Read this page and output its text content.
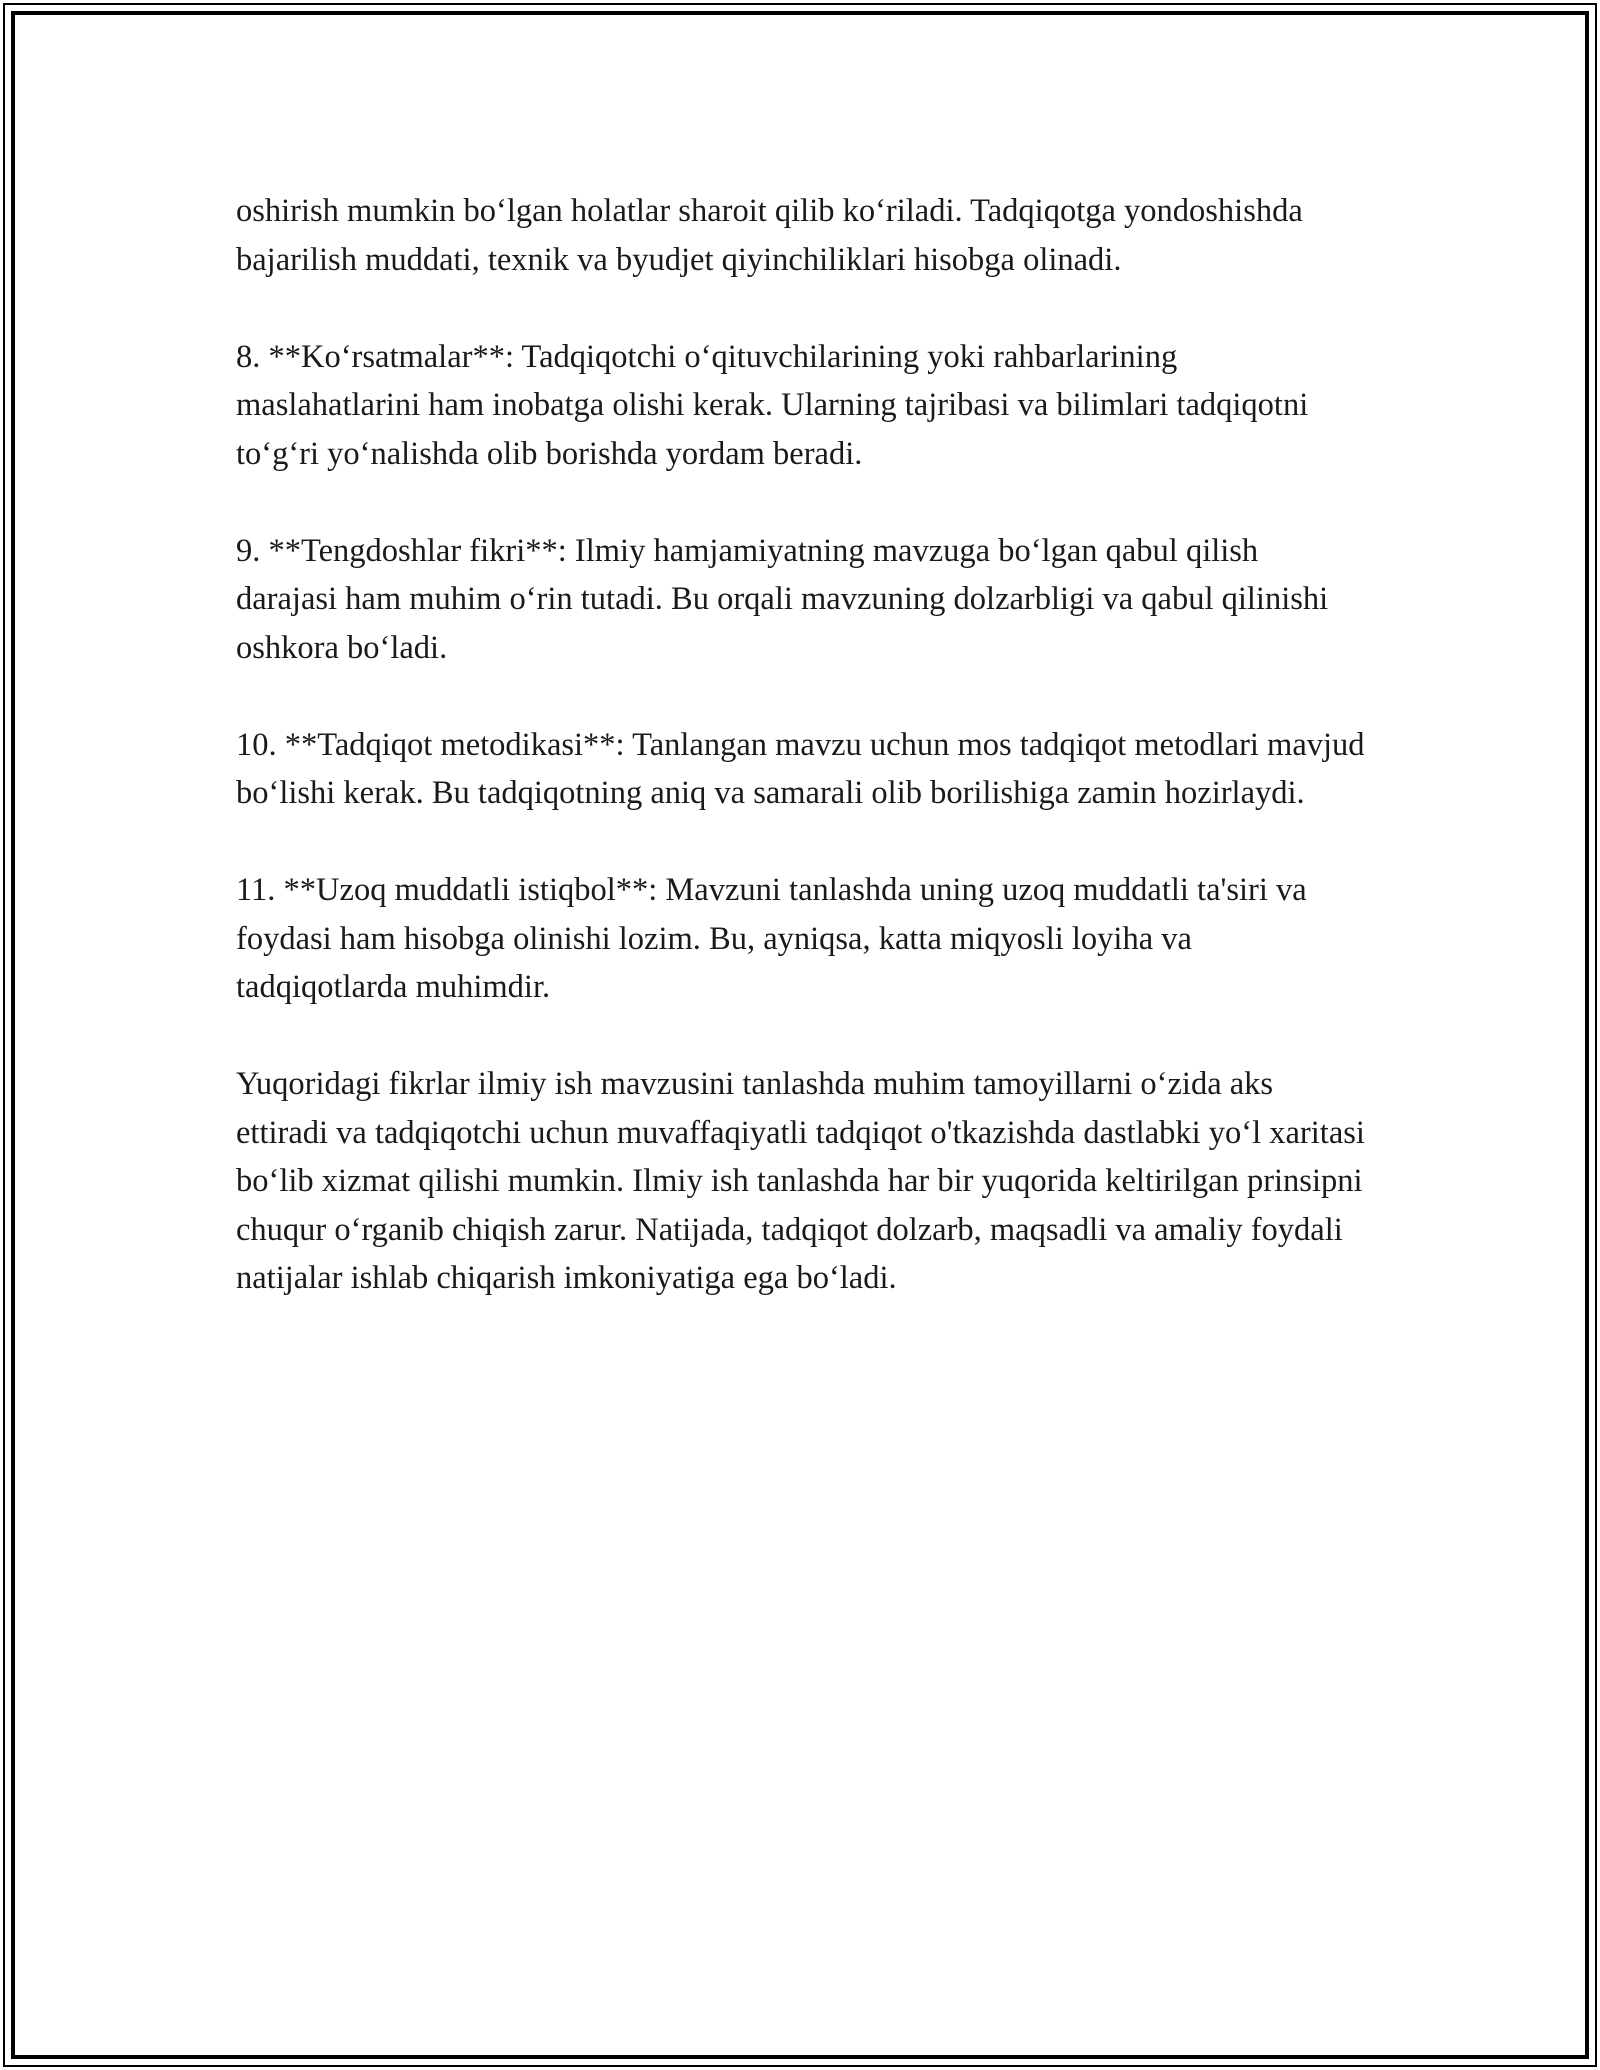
oshirish mumkin bo‘lgan holatlar sharoit qilib ko‘riladi. Tadqiqotga yondoshishda bajarilish muddati, texnik va byudjet qiyinchiliklari hisobga olinadi.

8. **Ko‘rsatmalar**: Tadqiqotchi o‘qituvchilarining yoki rahbarlarining maslahatlarini ham inobatga olishi kerak. Ularning tajribasi va bilimlari tadqiqotni to‘g‘ri yo‘nalishda olib borishda yordam beradi.

9. **Tengdoshlar fikri**: Ilmiy hamjamiyatning mavzuga bo‘lgan qabul qilish darajasi ham muhim o‘rin tutadi. Bu orqali mavzuning dolzarbligi va qabul qilinishi oshkora bo‘ladi.

10. **Tadqiqot metodikasi**: Tanlangan mavzu uchun mos tadqiqot metodlari mavjud bo‘lishi kerak. Bu tadqiqotning aniq va samarali olib borilishiga zamin hozirlaydi.

11. **Uzoq muddatli istiqbol**: Mavzuni tanlashda uning uzoq muddatli ta'siri va foydasi ham hisobga olinishi lozim. Bu, ayniqsa, katta miqyosli loyiha va tadqiqotlarda muhimdir.

Yuqoridagi fikrlar ilmiy ish mavzusini tanlashda muhim tamoyillarni o‘zida aks ettiradi va tadqiqotchi uchun muvaffaqiyatli tadqiqot o'tkazishda dastlabki yo‘l xaritasi bo‘lib xizmat qilishi mumkin. Ilmiy ish tanlashda har bir yuqorida keltirilgan prinsipni chuqur o‘rganib chiqish zarur. Natijada, tadqiqot dolzarb, maqsadli va amaliy foydali natijalar ishlab chiqarish imkoniyatiga ega bo‘ladi.
